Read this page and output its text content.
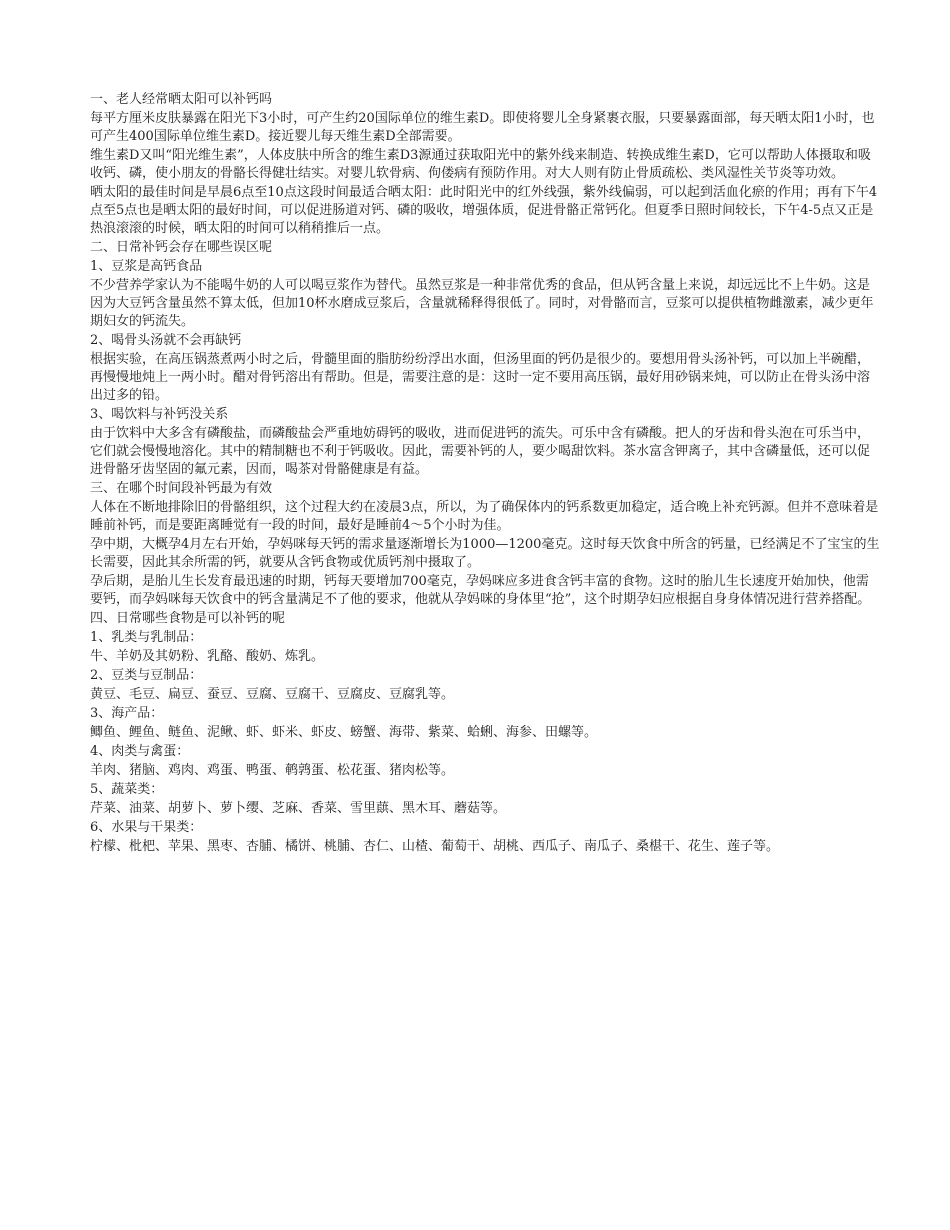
一、老人经常晒太阳可以补钙吗

每平方厘米皮肤暴露在阳光下3小时，可产生约20国际单位的维生素D。即使将婴儿全身紧裹衣服，只要暴露面部，每天晒太阳1小时，也可产生400国际单位维生素D。接近婴儿每天维生素D全部需要。

维生素D又叫“阳光维生素”，人体皮肤中所含的维生素D3源通过获取阳光中的紫外线来制造、转换成维生素D，它可以帮助人体摄取和吸收钙、磷，使小朋友的骨骼长得健壮结实。对婴儿软骨病、佝偻病有预防作用。对大人则有防止骨质疏松、类风湿性关节炎等功效。

晒太阳的最佳时间是早晨6点至10点这段时间最适合晒太阳：此时阳光中的红外线强，紫外线偏弱，可以起到活血化瘀的作用；再有下午4点至5点也是晒太阳的最好时间，可以促进肠道对钙、磷的吸收，增强体质，促进骨骼正常钙化。但夏季日照时间较长，下午4-5点又正是热浪滚滚的时候，晒太阳的时间可以稍稍推后一点。

二、日常补钙会存在哪些误区呢

1、豆浆是高钙食品

不少营养学家认为不能喝牛奶的人可以喝豆浆作为替代。虽然豆浆是一种非常优秀的食品，但从钙含量上来说，却远远比不上牛奶。这是因为大豆钙含量虽然不算太低，但加10杯水磨成豆浆后，含量就稀释得很低了。同时，对骨骼而言，豆浆可以提供植物雌激素，减少更年期妇女的钙流失。

2、喝骨头汤就不会再缺钙

根据实验，在高压锅蒸煮两小时之后，骨髓里面的脂肪纷纷浮出水面，但汤里面的钙仍是很少的。要想用骨头汤补钙，可以加上半碗醋，再慢慢地炖上一两小时。醋对骨钙溶出有帮助。但是，需要注意的是：这时一定不要用高压锅，最好用砂锅来炖，可以防止在骨头汤中溶出过多的铅。

3、喝饮料与补钙没关系

由于饮料中大多含有磷酸盐，而磷酸盐会严重地妨碍钙的吸收，进而促进钙的流失。可乐中含有磷酸。把人的牙齿和骨头泡在可乐当中，它们就会慢慢地溶化。其中的精制糖也不利于钙吸收。因此，需要补钙的人，要少喝甜饮料。茶水富含钾离子，其中含磷量低，还可以促进骨骼牙齿坚固的氟元素，因而，喝茶对骨骼健康是有益。

三、在哪个时间段补钙最为有效

人体在不断地排除旧的骨骼组织，这个过程大约在凌晨3点，所以，为了确保体内的钙系数更加稳定，适合晚上补充钙源。但并不意味着是睡前补钙，而是要距离睡觉有一段的时间，最好是睡前4～5个小时为佳。

孕中期，大概孕4月左右开始，孕妈咪每天钙的需求量逐渐增长为1000—1200毫克。这时每天饮食中所含的钙量，已经满足不了宝宝的生长需要，因此其余所需的钙，就要从含钙食物或优质钙剂中摄取了。

孕后期，是胎儿生长发育最迅速的时期，钙每天要增加700毫克，孕妈咪应多进食含钙丰富的食物。这时的胎儿生长速度开始加快，他需要钙，而孕妈咪每天饮食中的钙含量满足不了他的要求，他就从孕妈咪的身体里“抢”，这个时期孕妇应根据自身身体情况进行营养搭配。

四、日常哪些食物是可以补钙的呢

1、乳类与乳制品：

牛、羊奶及其奶粉、乳酪、酸奶、炼乳。

2、豆类与豆制品：

黄豆、毛豆、扁豆、蚕豆、豆腐、豆腐干、豆腐皮、豆腐乳等。

3、海产品：

鲫鱼、鲤鱼、鲢鱼、泥鳅、虾、虾米、虾皮、螃蟹、海带、紫菜、蛤蜊、海参、田螺等。

4、肉类与禽蛋：

羊肉、猪脑、鸡肉、鸡蛋、鸭蛋、鹌鹑蛋、松花蛋、猪肉松等。

5、蔬菜类：

芹菜、油菜、胡萝卜、萝卜缨、芝麻、香菜、雪里蕻、黑木耳、蘑菇等。

6、水果与干果类：

柠檬、枇杷、苹果、黑枣、杏脯、橘饼、桃脯、杏仁、山楂、葡萄干、胡桃、西瓜子、南瓜子、桑椹干、花生、莲子等。
